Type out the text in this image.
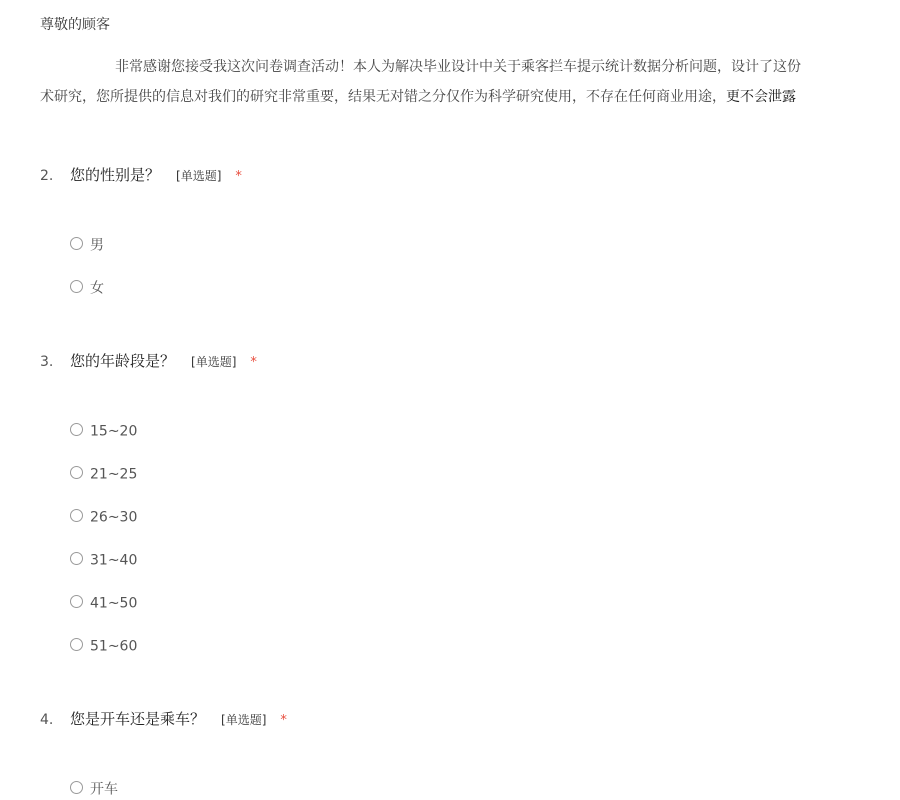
尊敬的顾客
非常感谢您接受我这次问卷调查活动！本人为解决毕业设计中关于乘客拦车提示统计数据分析问题，设计了这份
术研究，您所提供的信息对我们的研究非常重要，结果无对错之分仅作为科学研究使用，不存在任何商业用途，更不会泄露
2. 您的性别是？ [单选题] *
男
女
3. 您的年龄段是？ [单选题] *
15~20
21~25
26~30
31~40
41~50
51~60
4. 您是开车还是乘车？ [单选题] *
开车
